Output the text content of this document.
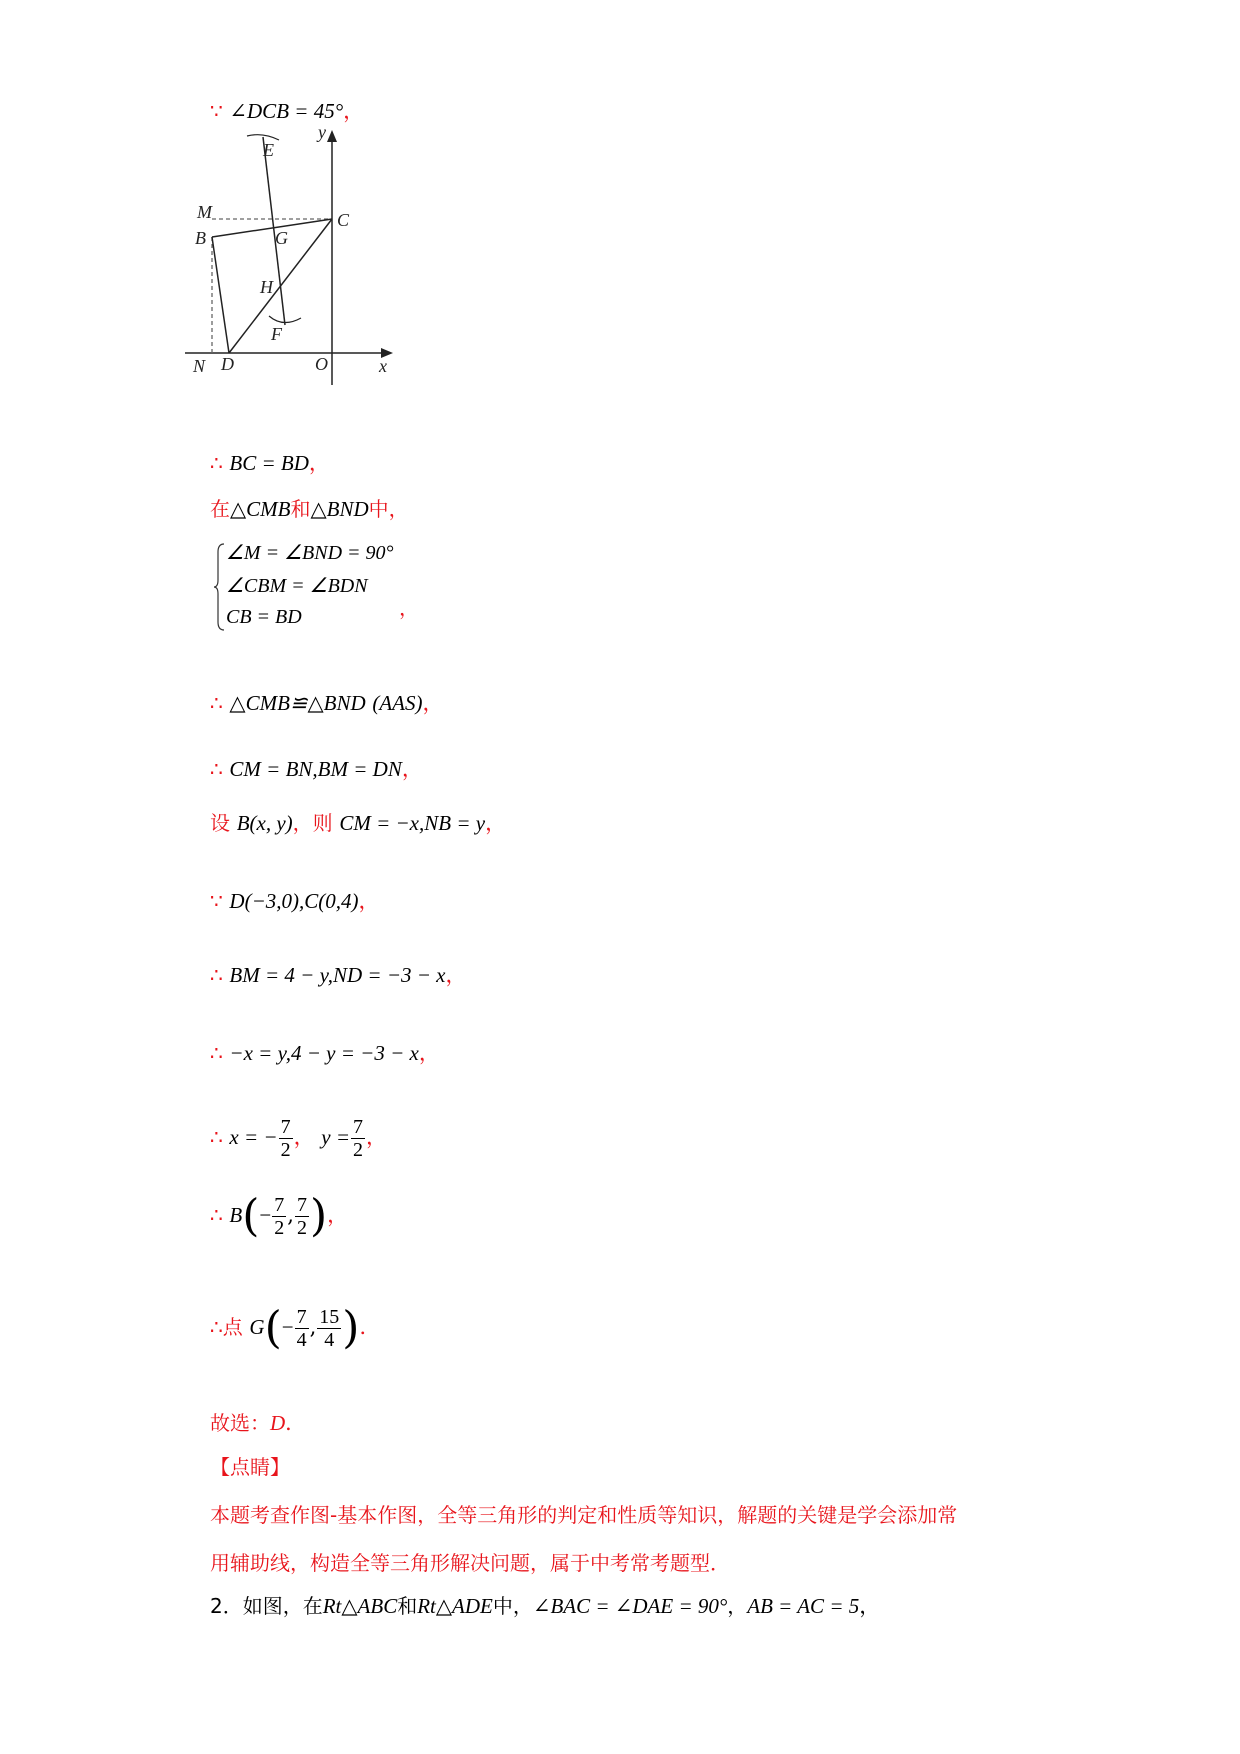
∵ ∠DCB = 45°，
y
E
M	C
B	G
H
F
N D	O	x
∴ BC = BD，
在△CMB和△BND中，
∠M = ∠BND = 90°
∠CBM = ∠BDN
CB = BD	，
∴ △CMB≌△BND (AAS)，
∴ CM = BN,BM = DN，
设 B(x, y)，则 CM = −x,NB = y，
∵ D(−3,0),C(0,4)，
∴ BM = 4 − y,ND = −3 − x，
∴ −x = y,4 − y = −3 − x，
∴ x = − $\frac{7}{2}$ ， $y = \frac{7}{2}$ ，
∴ $B(- \frac{7}{2}$ , $\frac{7}{2}$ )，
∴点 $G(- \frac{7}{4}$ , $\frac{15}{4}$ )．
故选：D．
【点睛】
本题考查作图-基本作图，全等三角形的判定和性质等知识，解题的关键是学会添加常
用辅助线，构造全等三角形解决问题，属于中考常考题型．
2．如图，在Rt△ABC和Rt△ADE中，∠BAC = ∠DAE = 90°，AB = AC = 5，
